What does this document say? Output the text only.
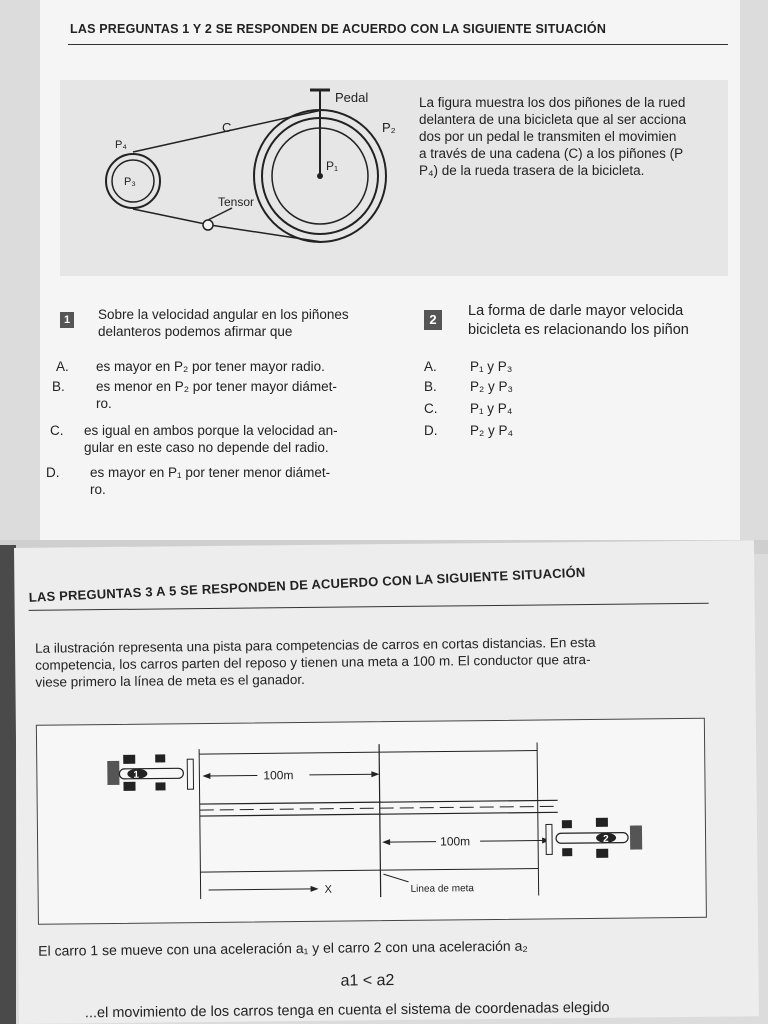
LAS PREGUNTAS 1 Y 2 SE RESPONDEN DE ACUERDO CON LA SIGUIENTE SITUACIÓN
Pedal
C	P₂
P₁
P₄
P₃
Tensor
La figura muestra los dos piñones de la rued
delantera de una bicicleta que al ser acciona
dos por un pedal le transmiten el movimien
a través de una cadena (C) a los piñones (P
P₄) de la rueda trasera de la bicicleta.
1 Sobre la velocidad angular en los piñones
delanteros podemos afirmar que
A. es mayor en P₂ por tener mayor radio.
B. es menor en P₂ por tener mayor diámet-
ro.
C. es igual en ambos porque la velocidad an-
gular en este caso no depende del radio.
D. es mayor en P₁ por tener menor diámet-
ro.
2
La forma de darle mayor velocida
bicicleta es relacionando los piñon
A. P₁ y P₃
B. P₂ y P₃
C. P₁ y P₄
D. P₂ y P₄
LAS PREGUNTAS 3 A 5 SE RESPONDEN DE ACUERDO CON LA SIGUIENTE SITUACIÓN
La ilustración representa una pista para competencias de carros en cortas distancias. En esta
competencia, los carros parten del reposo y tienen una meta a 100 m. El conductor que atra-
viese primero la línea de meta es el ganador.
100m
100m
X	Linea de meta
1
2
El carro 1 se mueve con una aceleración a₁ y el carro 2 con una aceleración a₂
a1 < a2
...el movimiento de los carros tenga en cuenta el sistema de coordenadas elegido
